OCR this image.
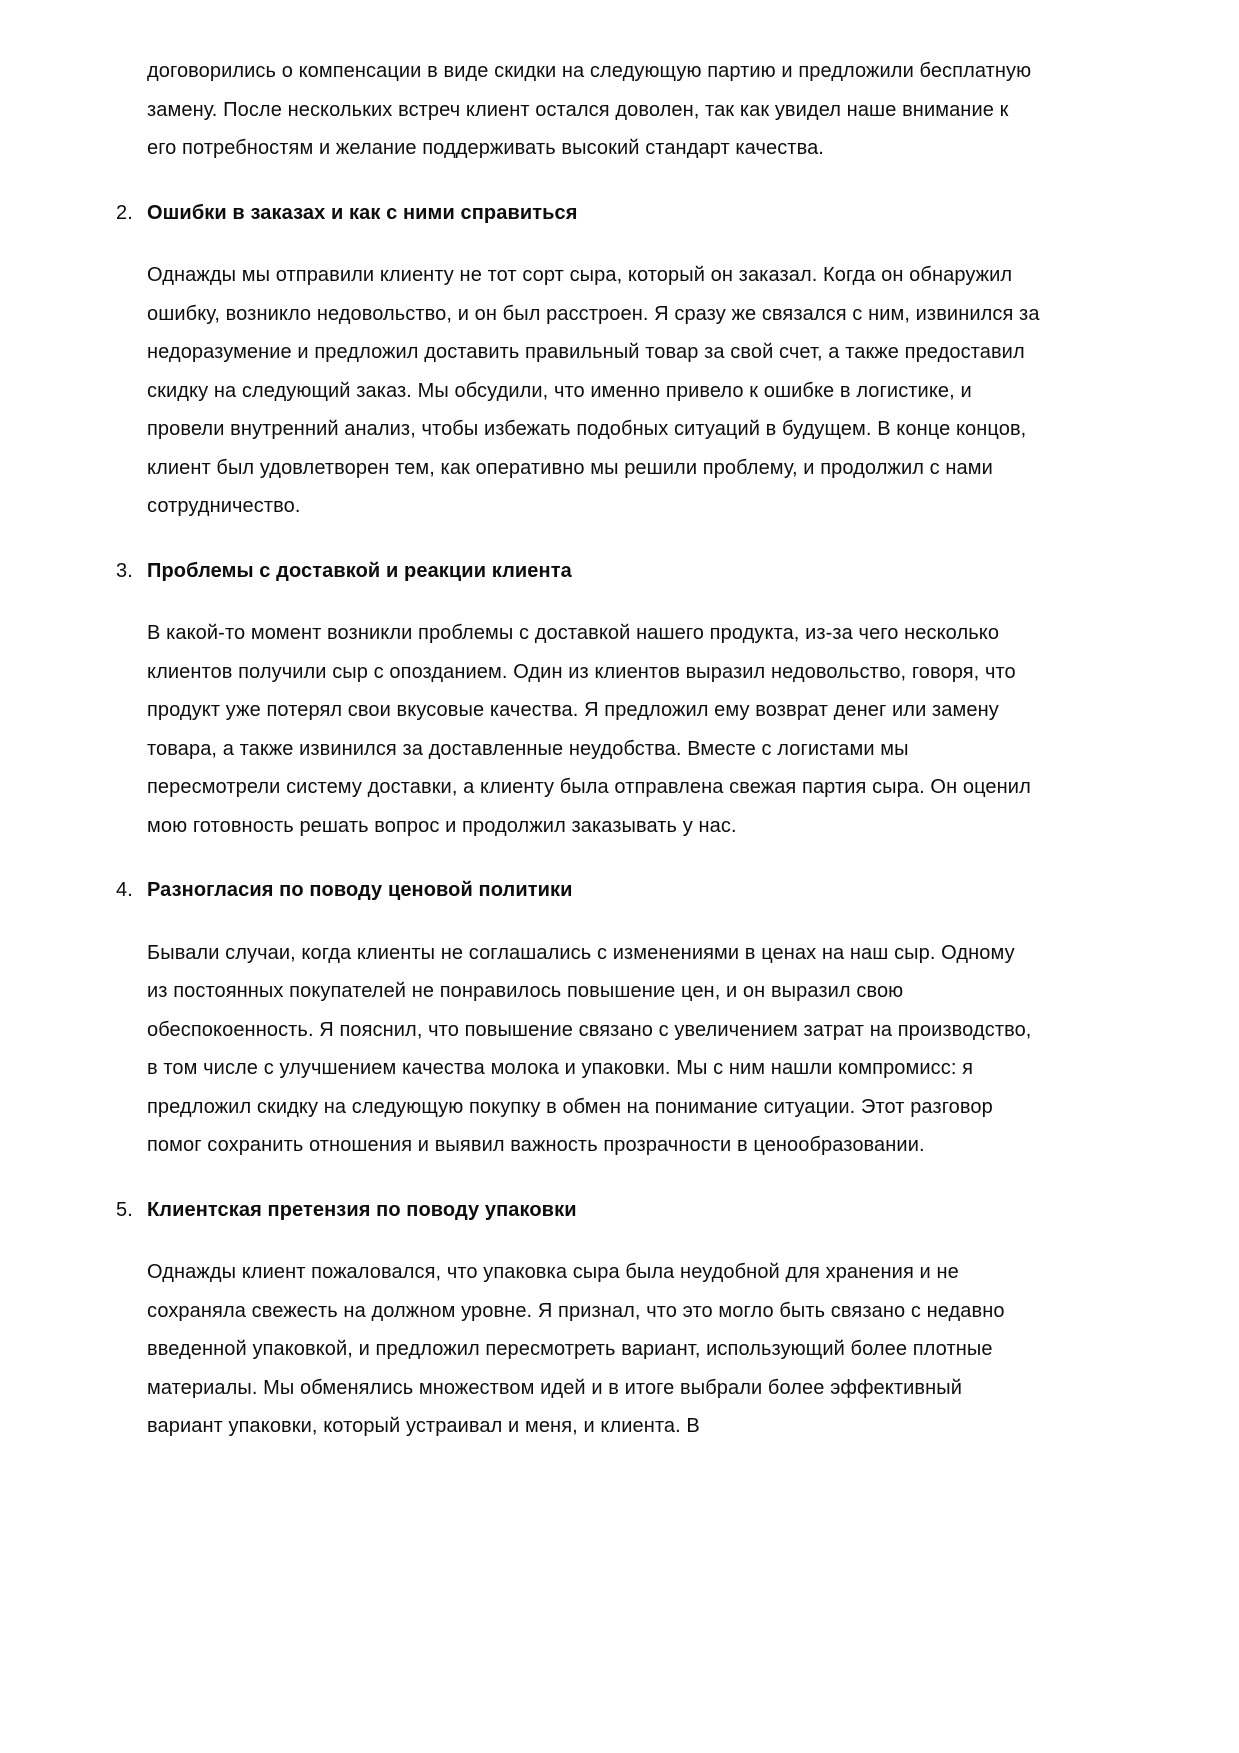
договорились о компенсации в виде скидки на следующую партию и предложили бесплатную замену. После нескольких встреч клиент остался доволен, так как увидел наше внимание к его потребностям и желание поддерживать высокий стандарт качества.

2. Ошибки в заказах и как с ними справиться

Однажды мы отправили клиенту не тот сорт сыра, который он заказал. Когда он обнаружил ошибку, возникло недовольство, и он был расстроен. Я сразу же связался с ним, извинился за недоразумение и предложил доставить правильный товар за свой счет, а также предоставил скидку на следующий заказ. Мы обсудили, что именно привело к ошибке в логистике, и провели внутренний анализ, чтобы избежать подобных ситуаций в будущем. В конце концов, клиент был удовлетворен тем, как оперативно мы решили проблему, и продолжил с нами сотрудничество.

3. Проблемы с доставкой и реакции клиента

В какой-то момент возникли проблемы с доставкой нашего продукта, из-за чего несколько клиентов получили сыр с опозданием. Один из клиентов выразил недовольство, говоря, что продукт уже потерял свои вкусовые качества. Я предложил ему возврат денег или замену товара, а также извинился за доставленные неудобства. Вместе с логистами мы пересмотрели систему доставки, а клиенту была отправлена свежая партия сыра. Он оценил мою готовность решать вопрос и продолжил заказывать у нас.

4. Разногласия по поводу ценовой политики

Бывали случаи, когда клиенты не соглашались с изменениями в ценах на наш сыр. Одному из постоянных покупателей не понравилось повышение цен, и он выразил свою обеспокоенность. Я пояснил, что повышение связано с увеличением затрат на производство, в том числе с улучшением качества молока и упаковки. Мы с ним нашли компромисс: я предложил скидку на следующую покупку в обмен на понимание ситуации. Этот разговор помог сохранить отношения и выявил важность прозрачности в ценообразовании.

5. Клиентская претензия по поводу упаковки

Однажды клиент пожаловался, что упаковка сыра была неудобной для хранения и не сохраняла свежесть на должном уровне. Я признал, что это могло быть связано с недавно введенной упаковкой, и предложил пересмотреть вариант, использующий более плотные материалы. Мы обменялись множеством идей и в итоге выбрали более эффективный вариант упаковки, который устраивал и меня, и клиента. В
